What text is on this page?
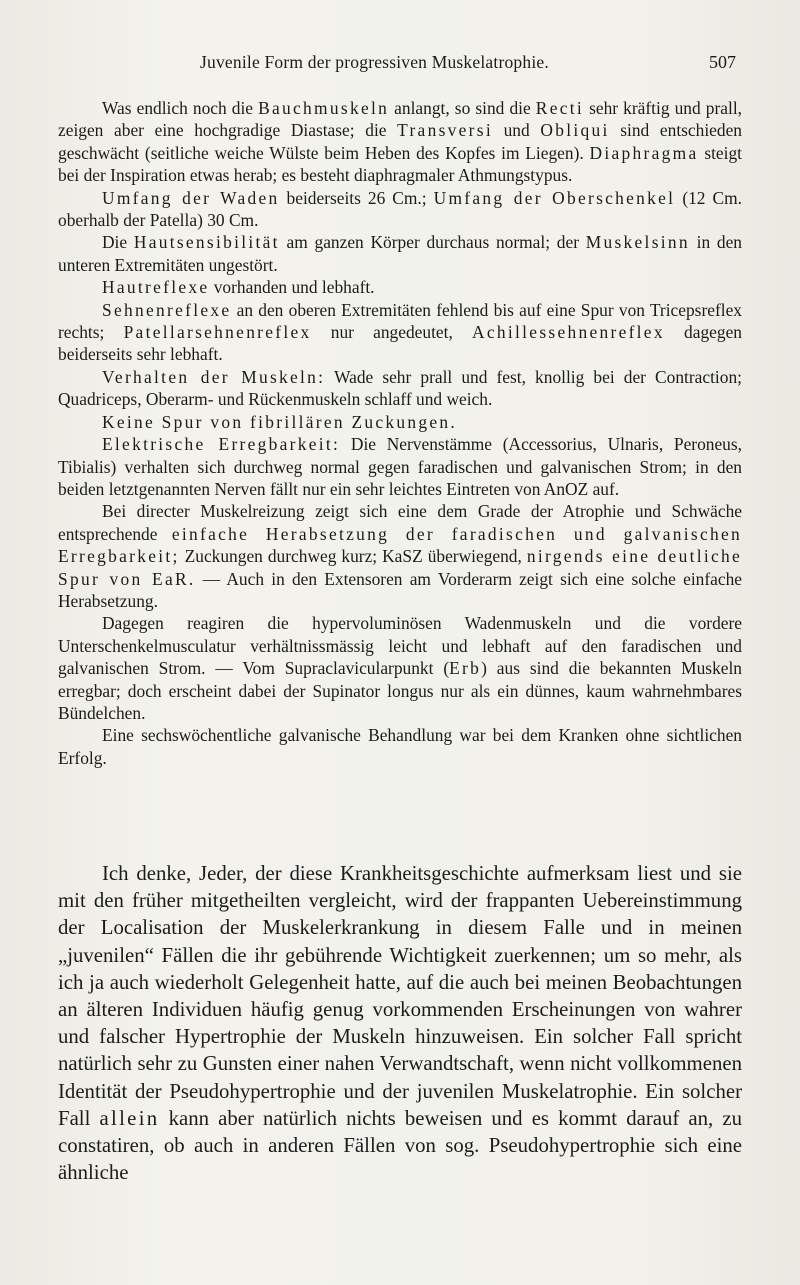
Juvenile Form der progressiven Muskelatrophie.	507

Was endlich noch die Bauchmuskeln anlangt, so sind die Recti sehr kräftig und prall, zeigen aber eine hochgradige Diastase; die Transversi und Obliqui sind entschieden geschwächt (seitliche weiche Wülste beim Heben des Kopfes im Liegen). Diaphragma steigt bei der Inspiration etwas herab; es besteht diaphragmaler Athmungstypus.

Umfang der Waden beiderseits 26 Cm.; Umfang der Oberschenkel (12 Cm. oberhalb der Patella) 30 Cm.

Die Hautsensibilität am ganzen Körper durchaus normal; der Muskelsinn in den unteren Extremitäten ungestört.

Hautreflexe vorhanden und lebhaft.

Sehnenreflexe an den oberen Extremitäten fehlend bis auf eine Spur von Tricepsreflex rechts; Patellarsehnenreflex nur angedeutet, Achillessehnenreflex dagegen beiderseits sehr lebhaft.

Verhalten der Muskeln: Wade sehr prall und fest, knollig bei der Contraction; Quadriceps, Oberarm- und Rückenmuskeln schlaff und weich.

Keine Spur von fibrillären Zuckungen.

Elektrische Erregbarkeit: Die Nervenstämme (Accessorius, Ulnaris, Peroneus, Tibialis) verhalten sich durchweg normal gegen faradischen und galvanischen Strom; in den beiden letztgenannten Nerven fällt nur ein sehr leichtes Eintreten von AnOZ auf.

Bei directer Muskelreizung zeigt sich eine dem Grade der Atrophie und Schwäche entsprechende einfache Herabsetzung der faradischen und galvanischen Erregbarkeit; Zuckungen durchweg kurz; KaSZ überwiegend, nirgends eine deutliche Spur von EaR. — Auch in den Extensoren am Vorderarm zeigt sich eine solche einfache Herabsetzung.

Dagegen reagiren die hypervoluminösen Wadenmuskeln und die vordere Unterschenkelmusculatur verhältnissmässig leicht und lebhaft auf den faradischen und galvanischen Strom. — Vom Supraclavicularpunkt (Erb) aus sind die bekannten Muskeln erregbar; doch erscheint dabei der Supinator longus nur als ein dünnes, kaum wahrnehmbares Bündelchen.

Eine sechswöchentliche galvanische Behandlung war bei dem Kranken ohne sichtlichen Erfolg.

Ich denke, Jeder, der diese Krankheitsgeschichte aufmerksam liest und sie mit den früher mitgetheilten vergleicht, wird der frappanten Uebereinstimmung der Localisation der Muskelerkrankung in diesem Falle und in meinen „juvenilen“ Fällen die ihr gebührende Wichtigkeit zuerkennen; um so mehr, als ich ja auch wiederholt Gelegenheit hatte, auf die auch bei meinen Beobachtungen an älteren Individuen häufig genug vorkommenden Erscheinungen von wahrer und falscher Hypertrophie der Muskeln hinzuweisen. Ein solcher Fall spricht natürlich sehr zu Gunsten einer nahen Verwandtschaft, wenn nicht vollkommenen Identität der Pseudohypertrophie und der juvenilen Muskelatrophie. Ein solcher Fall allein kann aber natürlich nichts beweisen und es kommt darauf an, zu constatiren, ob auch in anderen Fällen von sog. Pseudohypertrophie sich eine ähnliche
